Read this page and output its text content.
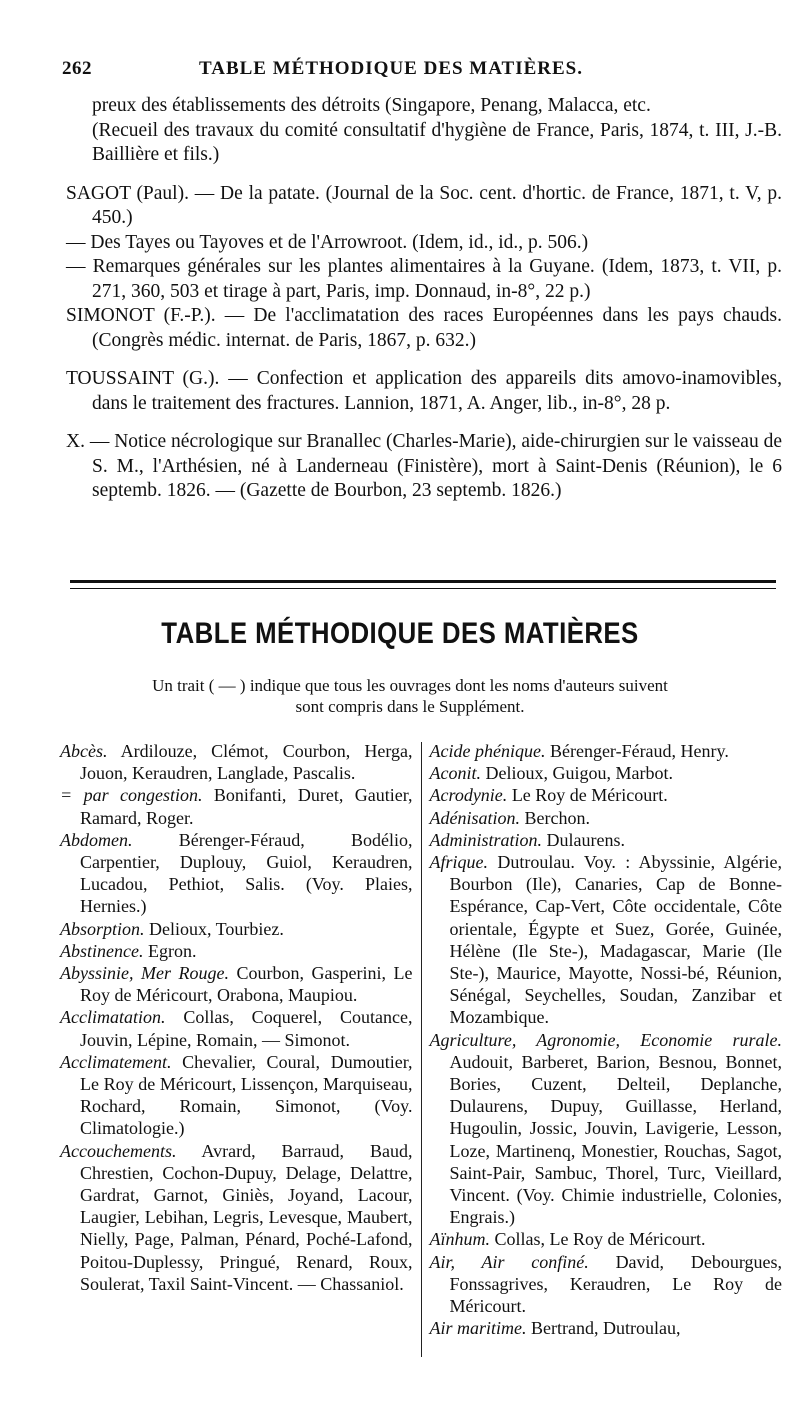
262	TABLE MÉTHODIQUE DES MATIÈRES.

preux des établissements des détroits (Singapore, Penang, Malacca, etc.
(Recueil des travaux du comité consultatif d'hygiène de France, Paris, 1874, t. III, J.-B. Baillière et fils.)

SAGOT (Paul). — De la patate. (Journal de la Soc. cent. d'hortic. de France, 1871, t. V, p. 450.)

— Des Tayes ou Tayoves et de l'Arrowroot. (Idem, id., id., p. 506.)

— Remarques générales sur les plantes alimentaires à la Guyane. (Idem, 1873, t. VII, p. 271, 360, 503 et tirage à part, Paris, imp. Donnaud, in-8°, 22 p.)

SIMONOT (F.-P.). — De l'acclimatation des races Européennes dans les pays chauds. (Congrès médic. internat. de Paris, 1867, p. 632.)

TOUSSAINT (G.). — Confection et application des appareils dits amovo-inamovibles, dans le traitement des fractures. Lannion, 1871, A. Anger, lib., in-8°, 28 p.

X. — Notice nécrologique sur Branallec (Charles-Marie), aide-chirurgien sur le vaisseau de S. M., l'Arthésien, né à Landerneau (Finistère), mort à Saint-Denis (Réunion), le 6 septemb. 1826. — (Gazette de Bourbon, 23 septemb. 1826.)

TABLE MÉTHODIQUE DES MATIÈRES
Un trait ( — ) indique que tous les ouvrages dont les noms d'auteurs suivent
sont compris dans le Supplément.

Abcès. Ardilouze, Clémot, Courbon, Herga, Jouon, Keraudren, Langlade, Pascalis.

= par congestion. Bonifanti, Duret, Gautier, Ramard, Roger.

Abdomen. Bérenger-Féraud, Bodélio, Carpentier, Duplouy, Guiol, Keraudren, Lucadou, Pethiot, Salis. (Voy. Plaies, Hernies.)

Absorption. Delioux, Tourbiez.

Abstinence. Egron.

Abyssinie, Mer Rouge. Courbon, Gasperini, Le Roy de Méricourt, Orabona, Maupiou.

Acclimatation. Collas, Coquerel, Coutance, Jouvin, Lépine, Romain, — Simonot.

Acclimatement. Chevalier, Coural, Dumoutier, Le Roy de Méricourt, Lissençon, Marquiseau, Rochard, Romain, Simonot, (Voy. Climatologie.)

Accouchements. Avrard, Barraud, Baud, Chrestien, Cochon-Dupuy, Delage, Delattre, Gardrat, Garnot, Giniès, Joyand, Lacour, Laugier, Lebihan, Legris, Levesque, Maubert, Nielly, Page, Palman, Pénard, Poché-Lafond, Poitou-Duplessy, Pringué, Renard, Roux, Soulerat, Taxil Saint-Vincent. — Chassaniol.

Acide phénique. Bérenger-Féraud, Henry.

Aconit. Delioux, Guigou, Marbot.

Acrodynie. Le Roy de Méricourt.

Adénisation. Berchon.

Administration. Dulaurens.

Afrique. Dutroulau. Voy. : Abyssinie, Algérie, Bourbon (Ile), Canaries, Cap de Bonne-Espérance, Cap-Vert, Côte occidentale, Côte orientale, Égypte et Suez, Gorée, Guinée, Hélène (Ile Ste-), Madagascar, Marie (Ile Ste-), Maurice, Mayotte, Nossi-bé, Réunion, Sénégal, Seychelles, Soudan, Zanzibar et Mozambique.

Agriculture, Agronomie, Economie rurale. Audouit, Barberet, Barion, Besnou, Bonnet, Bories, Cuzent, Delteil, Deplanche, Dulaurens, Dupuy, Guillasse, Herland, Hugoulin, Jossic, Jouvin, Lavigerie, Lesson, Loze, Martinenq, Monestier, Rouchas, Sagot, Saint-Pair, Sambuc, Thorel, Turc, Vieillard, Vincent. (Voy. Chimie industrielle, Colonies, Engrais.)

Aïnhum. Collas, Le Roy de Méricourt.

Air, Air confiné. David, Debourgues, Fonssagrives, Keraudren, Le Roy de Méricourt.

Air maritime. Bertrand, Dutroulau,
